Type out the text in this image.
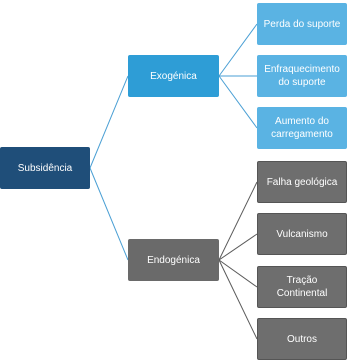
Subsidência
Exogénica
Endogénica
Perda do suporte
Enfraquecimento do suporte
Aumento do carregamento
Falha geológica
Vulcanismo
Tração Continental
Outros
